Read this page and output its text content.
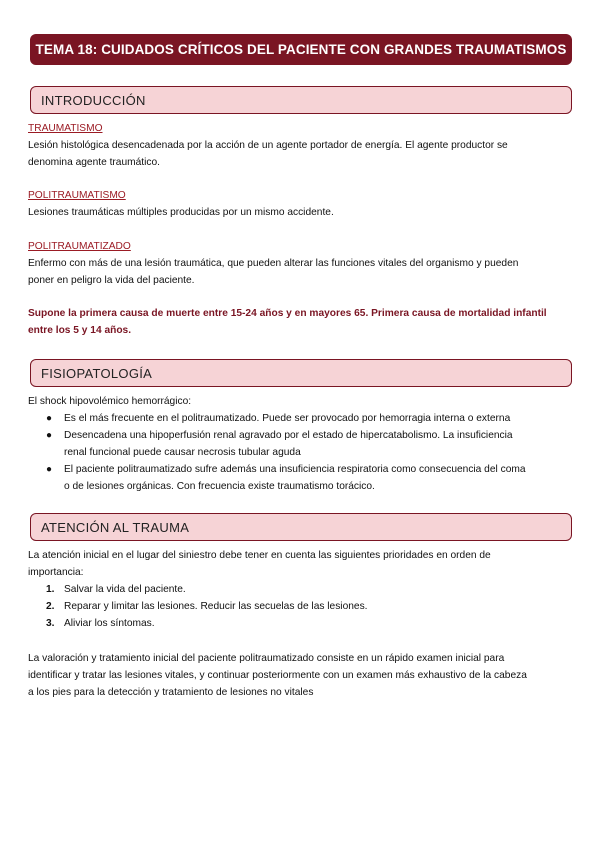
TEMA 18: CUIDADOS CRÍTICOS DEL PACIENTE CON GRANDES TRAUMATISMOS
INTRODUCCIÓN
TRAUMATISMO
Lesión histológica desencadenada por la acción de un agente portador de energía. El agente productor se
denomina agente traumático.
POLITRAUMATISMO
Lesiones traumáticas múltiples producidas por un mismo accidente.
POLITRAUMATIZADO
Enfermo con más de una lesión traumática, que pueden alterar las funciones vitales del organismo y pueden
poner en peligro la vida del paciente.
Supone la primera causa de muerte entre 15-24 años y en mayores 65. Primera causa de mortalidad infantil
entre los 5 y 14 años.
FISIOPATOLOGÍA
El shock hipovolémico hemorrágico:
● Es el más frecuente en el politraumatizado. Puede ser provocado por hemorragia interna o externa
● Desencadena una hipoperfusión renal agravado por el estado de hipercatabolismo. La insuficiencia
renal funcional puede causar necrosis tubular aguda
● El paciente politraumatizado sufre además una insuficiencia respiratoria como consecuencia del coma
o de lesiones orgánicas. Con frecuencia existe traumatismo torácico.
ATENCIÓN AL TRAUMA
La atención inicial en el lugar del siniestro debe tener en cuenta las siguientes prioridades en orden de
importancia:
1. Salvar la vida del paciente.
2. Reparar y limitar las lesiones. Reducir las secuelas de las lesiones.
3. Aliviar los síntomas.
La valoración y tratamiento inicial del paciente politraumatizado consiste en un rápido examen inicial para
identificar y tratar las lesiones vitales, y continuar posteriormente con un examen más exhaustivo de la cabeza
a los pies para la detección y tratamiento de lesiones no vitales
